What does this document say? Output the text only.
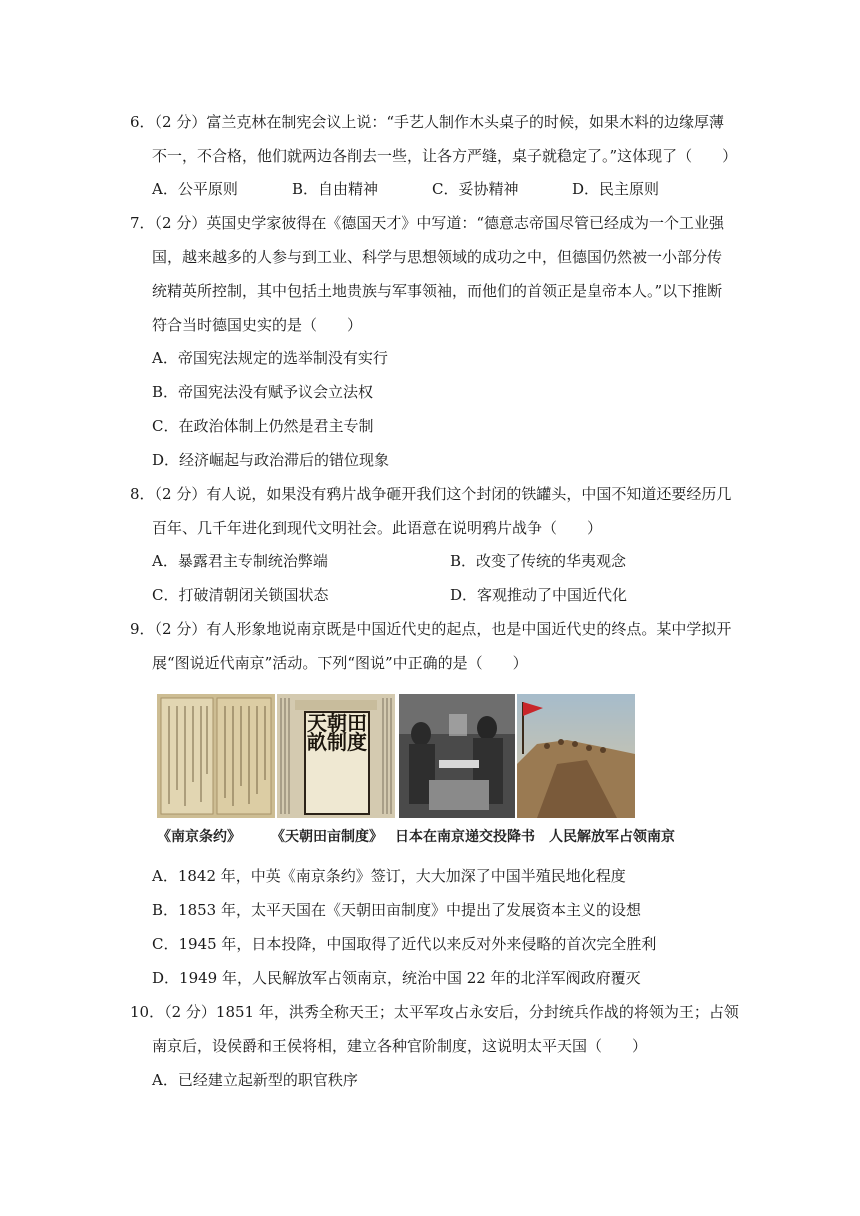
6．（2 分）富兰克林在制宪会议上说：“手艺人制作木头桌子的时候，如果木料的边缘厚薄
不一，不合格，他们就两边各削去一些，让各方严缝，桌子就稳定了。”这体现了（　　）
A．公平原则	B．自由精神	C．妥协精神	D．民主原则
7．（2 分）英国史学家彼得在《德国天才》中写道：“德意志帝国尽管已经成为一个工业强
国，越来越多的人参与到工业、科学与思想领域的成功之中，但德国仍然被一小部分传
统精英所控制，其中包括土地贵族与军事领袖，而他们的首领正是皇帝本人。”以下推断
符合当时德国史实的是（　　）
A．帝国宪法规定的选举制没有实行
B．帝国宪法没有赋予议会立法权
C．在政治体制上仍然是君主专制
D．经济崛起与政治滞后的错位现象
8．（2 分）有人说，如果没有鸦片战争砸开我们这个封闭的铁罐头，中国不知道还要经历几
百年、几千年进化到现代文明社会。此语意在说明鸦片战争（　　）
A．暴露君主专制统治弊端	B．改变了传统的华夷观念
C．打破清朝闭关锁国状态	D．客观推动了中国近代化
9．（2 分）有人形象地说南京既是中国近代史的起点，也是中国近代史的终点。某中学拟开
展“图说近代南京”活动。下列“图说”中正确的是（　　）
天朝田畝制度
《南京条约》 《天朝田亩制度》 日本在南京递交投降书 人民解放军占领南京
A．1842 年，中英《南京条约》签订，大大加深了中国半殖民地化程度
B．1853 年，太平天国在《天朝田亩制度》中提出了发展资本主义的设想
C．1945 年，日本投降，中国取得了近代以来反对外来侵略的首次完全胜利
D．1949 年，人民解放军占领南京，统治中国 22 年的北洋军阀政府覆灭
10．（2 分）1851 年，洪秀全称天王；太平军攻占永安后，分封统兵作战的将领为王；占领
南京后，设侯爵和王侯将相，建立各种官阶制度，这说明太平天国（　　）
A．已经建立起新型的职官秩序
